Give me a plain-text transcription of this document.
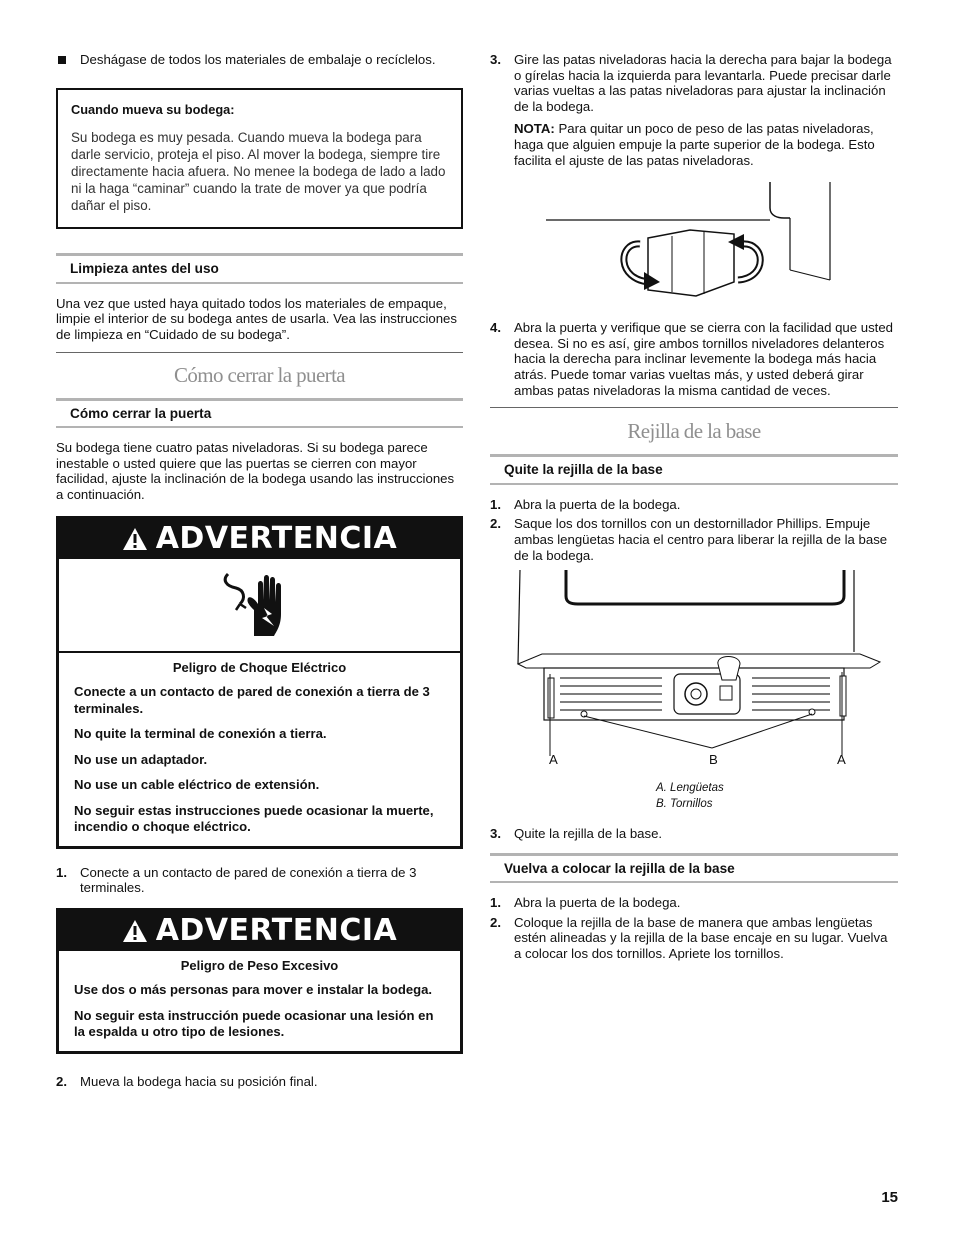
Deshágase de todos los materiales de embalaje o recíclelos.

Cuando mueva su bodega:

Su bodega es muy pesada. Cuando mueva la bodega para darle servicio, proteja el piso. Al mover la bodega, siempre tire directamente hacia afuera. No menee la bodega de lado a lado ni la haga “caminar” cuando la trate de mover ya que podría dañar el piso.

Limpieza antes del uso

Una vez que usted haya quitado todos los materiales de empaque, limpie el interior de su bodega antes de usarla. Vea las instrucciones de limpieza en “Cuidado de su bodega”.

Cómo cerrar la puerta
Cómo cerrar la puerta

Su bodega tiene cuatro patas niveladoras. Si su bodega parece inestable o usted quiere que las puertas se cierren con mayor facilidad, ajuste la inclinación de la bodega usando las instrucciones a continuación.

ADVERTENCIA

Peligro de Choque Eléctrico

Conecte a un contacto de pared de conexión a tierra de 3 terminales.

No quite la terminal de conexión a tierra.

No use un adaptador.

No use un cable eléctrico de extensión.

No seguir estas instrucciones puede ocasionar la muerte, incendio o choque eléctrico.

1. Conecte a un contacto de pared de conexión a tierra de 3 terminales.
ADVERTENCIA

Peligro de Peso Excesivo

Use dos o más personas para mover e instalar la bodega.

No seguir esta instrucción puede ocasionar una lesión en la espalda u otro tipo de lesiones.

2. Mueva la bodega hacia su posición final.
3. Gire las patas niveladoras hacia la derecha para bajar la bodega o gírelas hacia la izquierda para levantarla. Puede precisar darle varias vueltas a las patas niveladoras para ajustar la inclinación de la bodega.

NOTA: Para quitar un poco de peso de las patas niveladoras, haga que alguien empuje la parte superior de la bodega. Esto facilita el ajuste de las patas niveladoras.

4. Abra la puerta y verifique que se cierra con la facilidad que usted desea. Si no es así, gire ambos tornillos niveladores delanteros hacia la derecha para inclinar levemente la bodega más hacia atrás. Puede tomar varias vueltas más, y usted deberá girar ambas patas niveladoras la misma cantidad de veces.
Rejilla de la base
Quite la rejilla de la base
1. Abra la puerta de la bodega.
2. Saque los dos tornillos con un destornillador Phillips. Empuje ambas lengüetas hacia el centro para liberar la rejilla de la base de la bodega.
A	B	A
A. Lengüetas
B. Tornillos
3. Quite la rejilla de la base.
Vuelva a colocar la rejilla de la base
1. Abra la puerta de la bodega.
2. Coloque la rejilla de la base de manera que ambas lengüetas estén alineadas y la rejilla de la base encaje en su lugar. Vuelva a colocar los dos tornillos. Apriete los tornillos.
15
